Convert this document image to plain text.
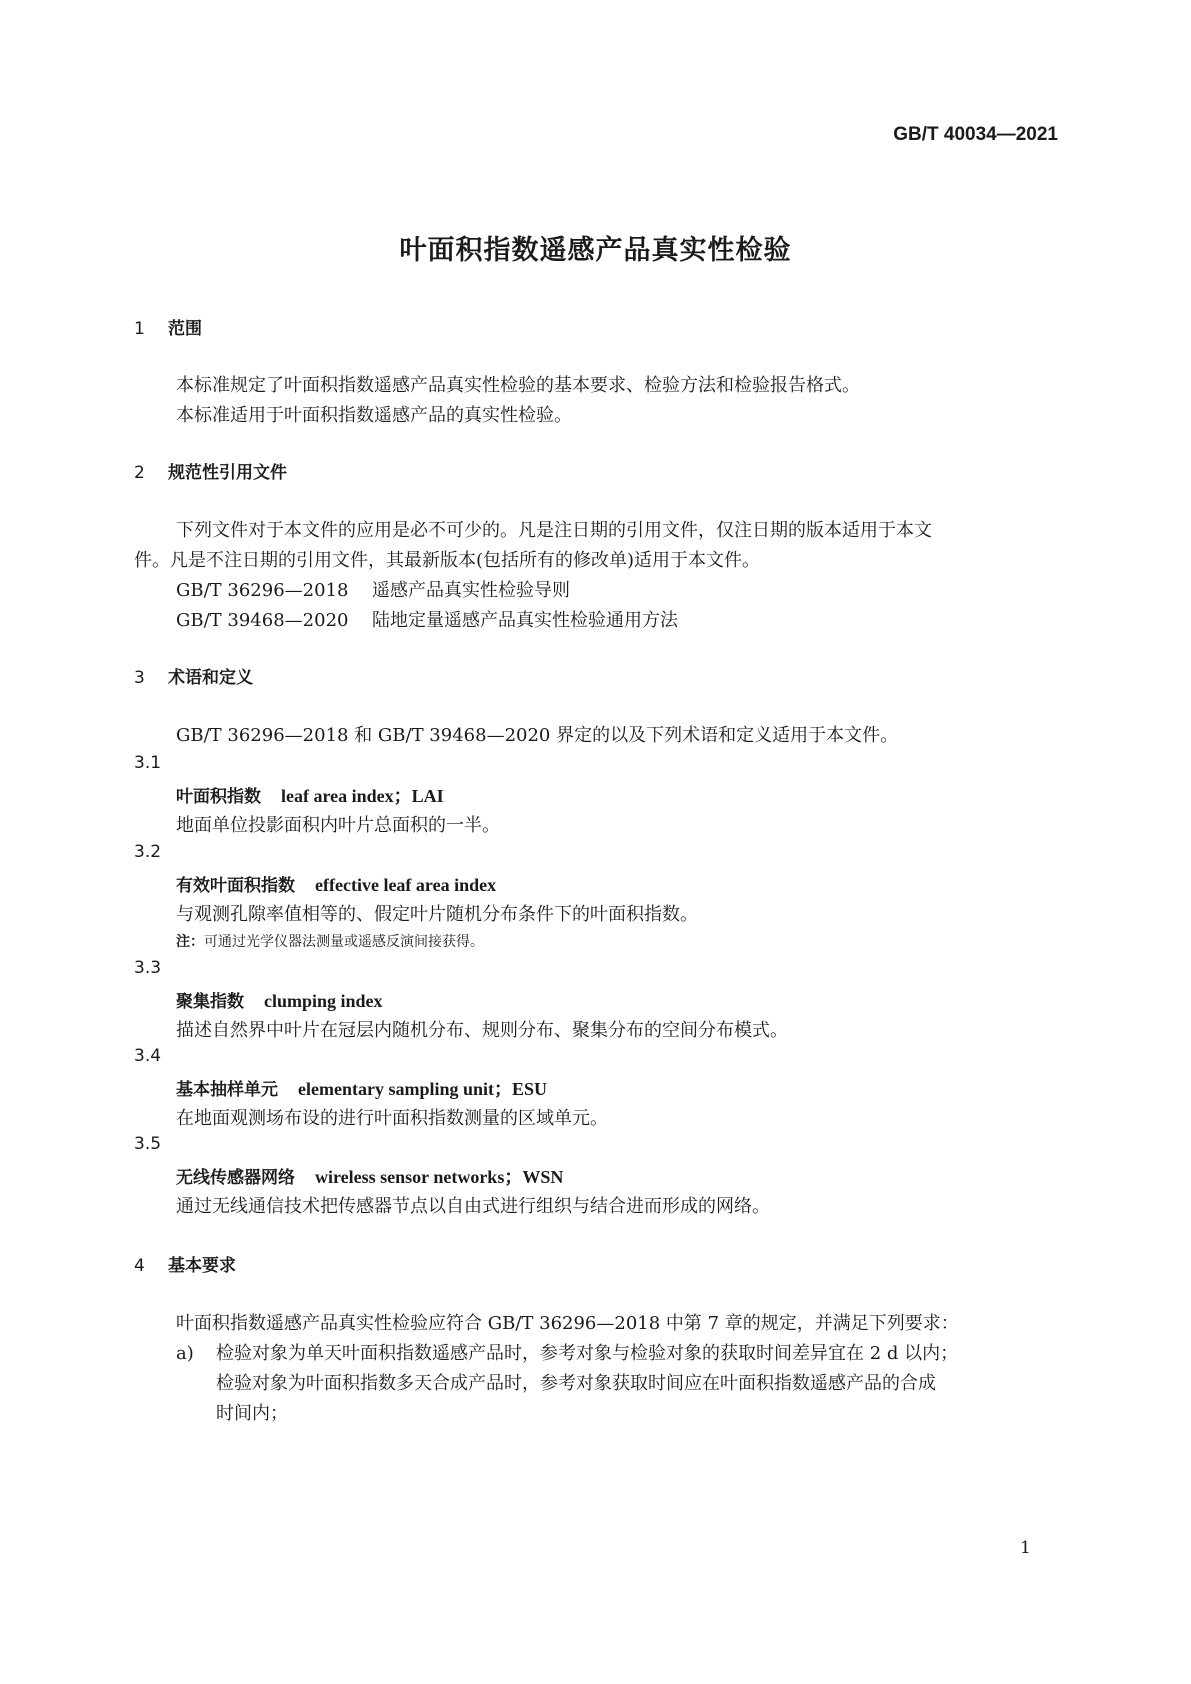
GB/T 40034—2021
叶面积指数遥感产品真实性检验
1 范围
本标准规定了叶面积指数遥感产品真实性检验的基本要求、检验方法和检验报告格式。
本标准适用于叶面积指数遥感产品的真实性检验。
2 规范性引用文件
下列文件对于本文件的应用是必不可少的。凡是注日期的引用文件，仅注日期的版本适用于本文
件。凡是不注日期的引用文件，其最新版本(包括所有的修改单)适用于本文件。
GB/T 36296—2018 遥感产品真实性检验导则
GB/T 39468—2020 陆地定量遥感产品真实性检验通用方法
3 术语和定义
GB/T 36296—2018 和 GB/T 39468—2020 界定的以及下列术语和定义适用于本文件。
3.1
叶面积指数 leaf area index；LAI
地面单位投影面积内叶片总面积的一半。
3.2
有效叶面积指数 effective leaf area index
与观测孔隙率值相等的、假定叶片随机分布条件下的叶面积指数。
注：可通过光学仪器法测量或遥感反演间接获得。
3.3
聚集指数 clumping index
描述自然界中叶片在冠层内随机分布、规则分布、聚集分布的空间分布模式。
3.4
基本抽样单元 elementary sampling unit；ESU
在地面观测场布设的进行叶面积指数测量的区域单元。
3.5
无线传感器网络 wireless sensor networks；WSN
通过无线通信技术把传感器节点以自由式进行组织与结合进而形成的网络。
4 基本要求
叶面积指数遥感产品真实性检验应符合 GB/T 36296—2018 中第 7 章的规定，并满足下列要求：
a) 检验对象为单天叶面积指数遥感产品时，参考对象与检验对象的获取时间差异宜在 2 d 以内；
检验对象为叶面积指数多天合成产品时，参考对象获取时间应在叶面积指数遥感产品的合成
时间内；
1
